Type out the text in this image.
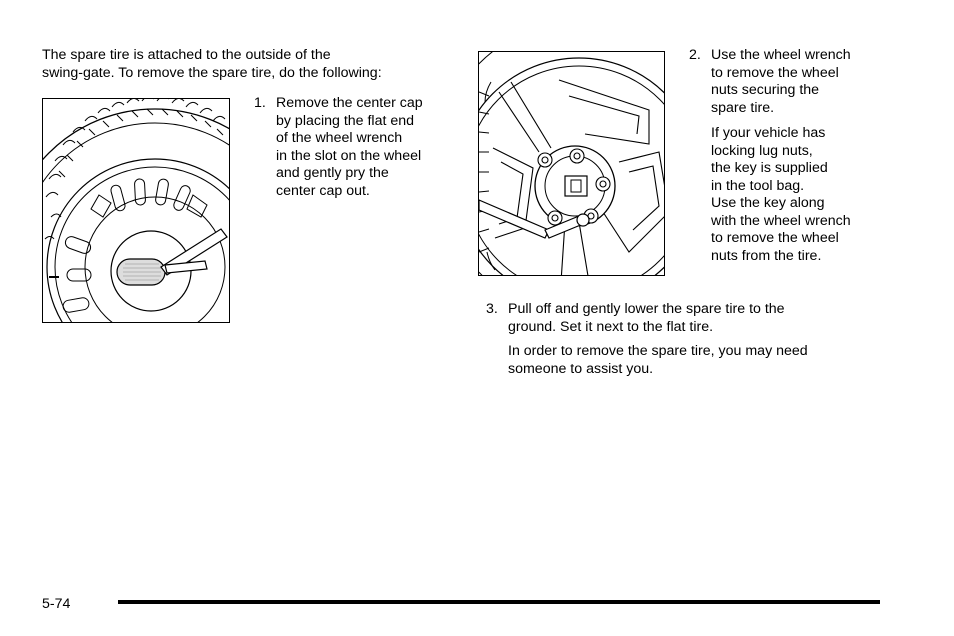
The spare tire is attached to the outside of the
swing-gate. To remove the spare tire, do the following:

1. Remove the center cap
by placing the flat end
of the wheel wrench
in the slot on the wheel
and gently pry the
center cap out.
2. Use the wheel wrench
to remove the wheel
nuts securing the
spare tire.

If your vehicle has
locking lug nuts,
the key is supplied
in the tool bag.
Use the key along
with the wheel wrench
to remove the wheel
nuts from the tire.

3. Pull off and gently lower the spare tire to the
ground. Set it next to the flat tire.

In order to remove the spare tire, you may need
someone to assist you.

5-74
